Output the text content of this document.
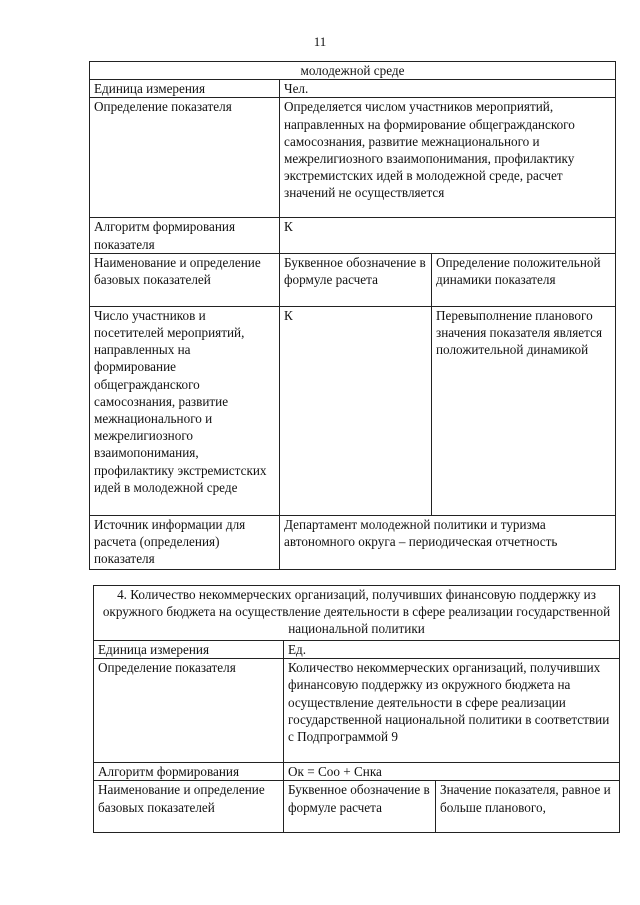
11
молодежной среде		
Единица измерения	Чел.	
Определение показателя	Определяется числом участников мероприятий, направленных на формирование общегражданского самосознания, развитие межнационального и межрелигиозного взаимопонимания, профилактику экстремистских идей в молодежной среде, расчет значений не осуществляется	
Алгоритм формирования показателя	К	
Наименование и определение базовых показателей	Буквенное обозначение в формуле расчета	Определение положительной динамики показателя
Число участников и посетителей мероприятий, направленных на формирование общегражданского самосознания, развитие межнационального и межрелигиозного взаимопонимания, профилактику экстремистских идей в молодежной среде	К	Перевыполнение планового значения показателя является положительной динамикой
Источник информации для расчета (определения) показателя	Департамент молодежной политики и туризма автономного округа – периодическая отчетность	
4. Количество некоммерческих организаций, получивших финансовую поддержку из окружного бюджета на осуществление деятельности в сфере реализации государственной национальной политики		
Единица измерения	Ед.	
Определение показателя	Количество некоммерческих организаций, получивших финансовую поддержку из окружного бюджета на осуществление деятельности в сфере реализации государственной национальной политики в соответствии с Подпрограммой 9	
Алгоритм формирования	Ок = Соо + Снка	
Наименование и определение базовых показателей	Буквенное обозначение в формуле расчета	Значение показателя, равное и больше планового,
